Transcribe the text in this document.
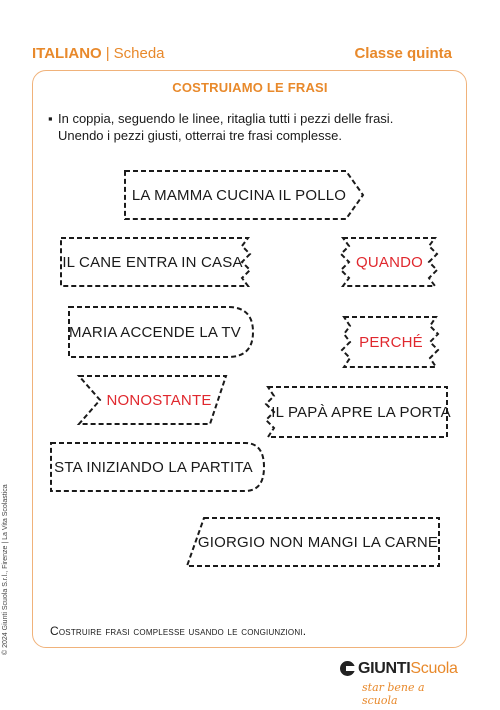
ITALIANO | Scheda	Classe quinta
COSTRUIAMO LE FRASI
▪ In coppia, seguendo le linee, ritaglia tutti i pezzi delle frasi.
Unendo i pezzi giusti, otterrai tre frasi complesse.
LA MAMMA CUCINA IL POLLO
IL CANE ENTRA IN CASA	QUANDO
MARIA ACCENDE LA TV
PERCHÉ
NONOSTANTE
IL PAPÀ APRE LA PORTA
STA INIZIANDO LA PARTITA
GIORGIO NON MANGI LA CARNE
Costruire frasi complesse usando le congiunzioni.
© 2024 Giunti Scuola S.r.l., Firenze | La Vita Scolastica
GIUNTIScuola
star bene a scuola
